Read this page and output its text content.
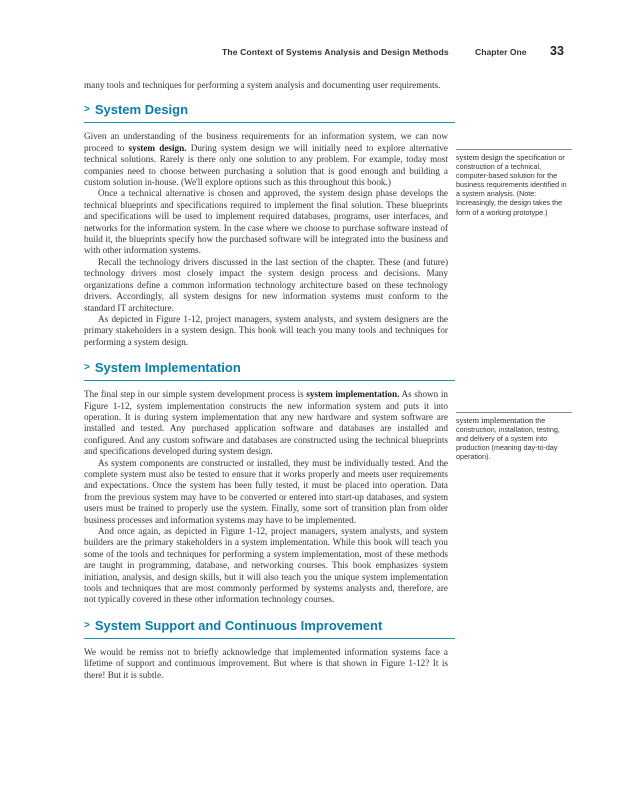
The Context of Systems Analysis and Design Methods	Chapter One 33

many tools and techniques for performing a system analysis and documenting user requirements.

> System Design

Given an understanding of the business requirements for an information system, we can now proceed to system design. During system design we will initially need to explore alternative technical solutions. Rarely is there only one solution to any problem. For example, today most companies need to choose between purchasing a solution that is good enough and building a custom solution in-house. (We'll explore options such as this throughout this book.)

Once a technical alternative is chosen and approved, the system design phase develops the technical blueprints and specifications required to implement the final solution. These blueprints and specifications will be used to implement required databases, programs, user interfaces, and networks for the information system. In the case where we choose to purchase software instead of build it, the blueprints specify how the purchased software will be integrated into the business and with other information systems.

Recall the technology drivers discussed in the last section of the chapter. These (and future) technology drivers most closely impact the system design process and decisions. Many organizations define a common information technology architecture based on these technology drivers. Accordingly, all system designs for new information systems must conform to the standard IT architecture.

As depicted in Figure 1-12, project managers, system analysts, and system designers are the primary stakeholders in a system design. This book will teach you many tools and techniques for performing a system design.

> System Implementation

The final step in our simple system development process is system implementation. As shown in Figure 1-12, system implementation constructs the new information system and puts it into operation. It is during system implementation that any new hardware and system software are installed and tested. Any purchased application software and databases are installed and configured. And any custom software and databases are constructed using the technical blueprints and specifications developed during system design.

As system components are constructed or installed, they must be individually tested. And the complete system must also be tested to ensure that it works properly and meets user requirements and expectations. Once the system has been fully tested, it must be placed into operation. Data from the previous system may have to be converted or entered into start-up databases, and system users must be trained to properly use the system. Finally, some sort of transition plan from older business processes and information systems may have to be implemented.

And once again, as depicted in Figure 1-12, project managers, system analysts, and system builders are the primary stakeholders in a system implementation. While this book will teach you some of the tools and techniques for performing a system implementation, most of these methods are taught in programming, database, and networking courses. This book emphasizes system initiation, analysis, and design skills, but it will also teach you the unique system implementation tools and techniques that are most commonly performed by systems analysts and, therefore, are not typically covered in these other information technology courses.

> System Support and Continuous Improvement

We would be remiss not to briefly acknowledge that implemented information systems face a lifetime of support and continuous improvement. But where is that shown in Figure 1-12? It is there! But it is subtle.

system design the specification or construction of a technical, computer-based solution for the business requirements identified in a system analysis. (Note: Increasingly, the design takes the form of a working prototype.)
system implementation the construction, installation, testing, and delivery of a system into production (meaning day-to-day operation).
